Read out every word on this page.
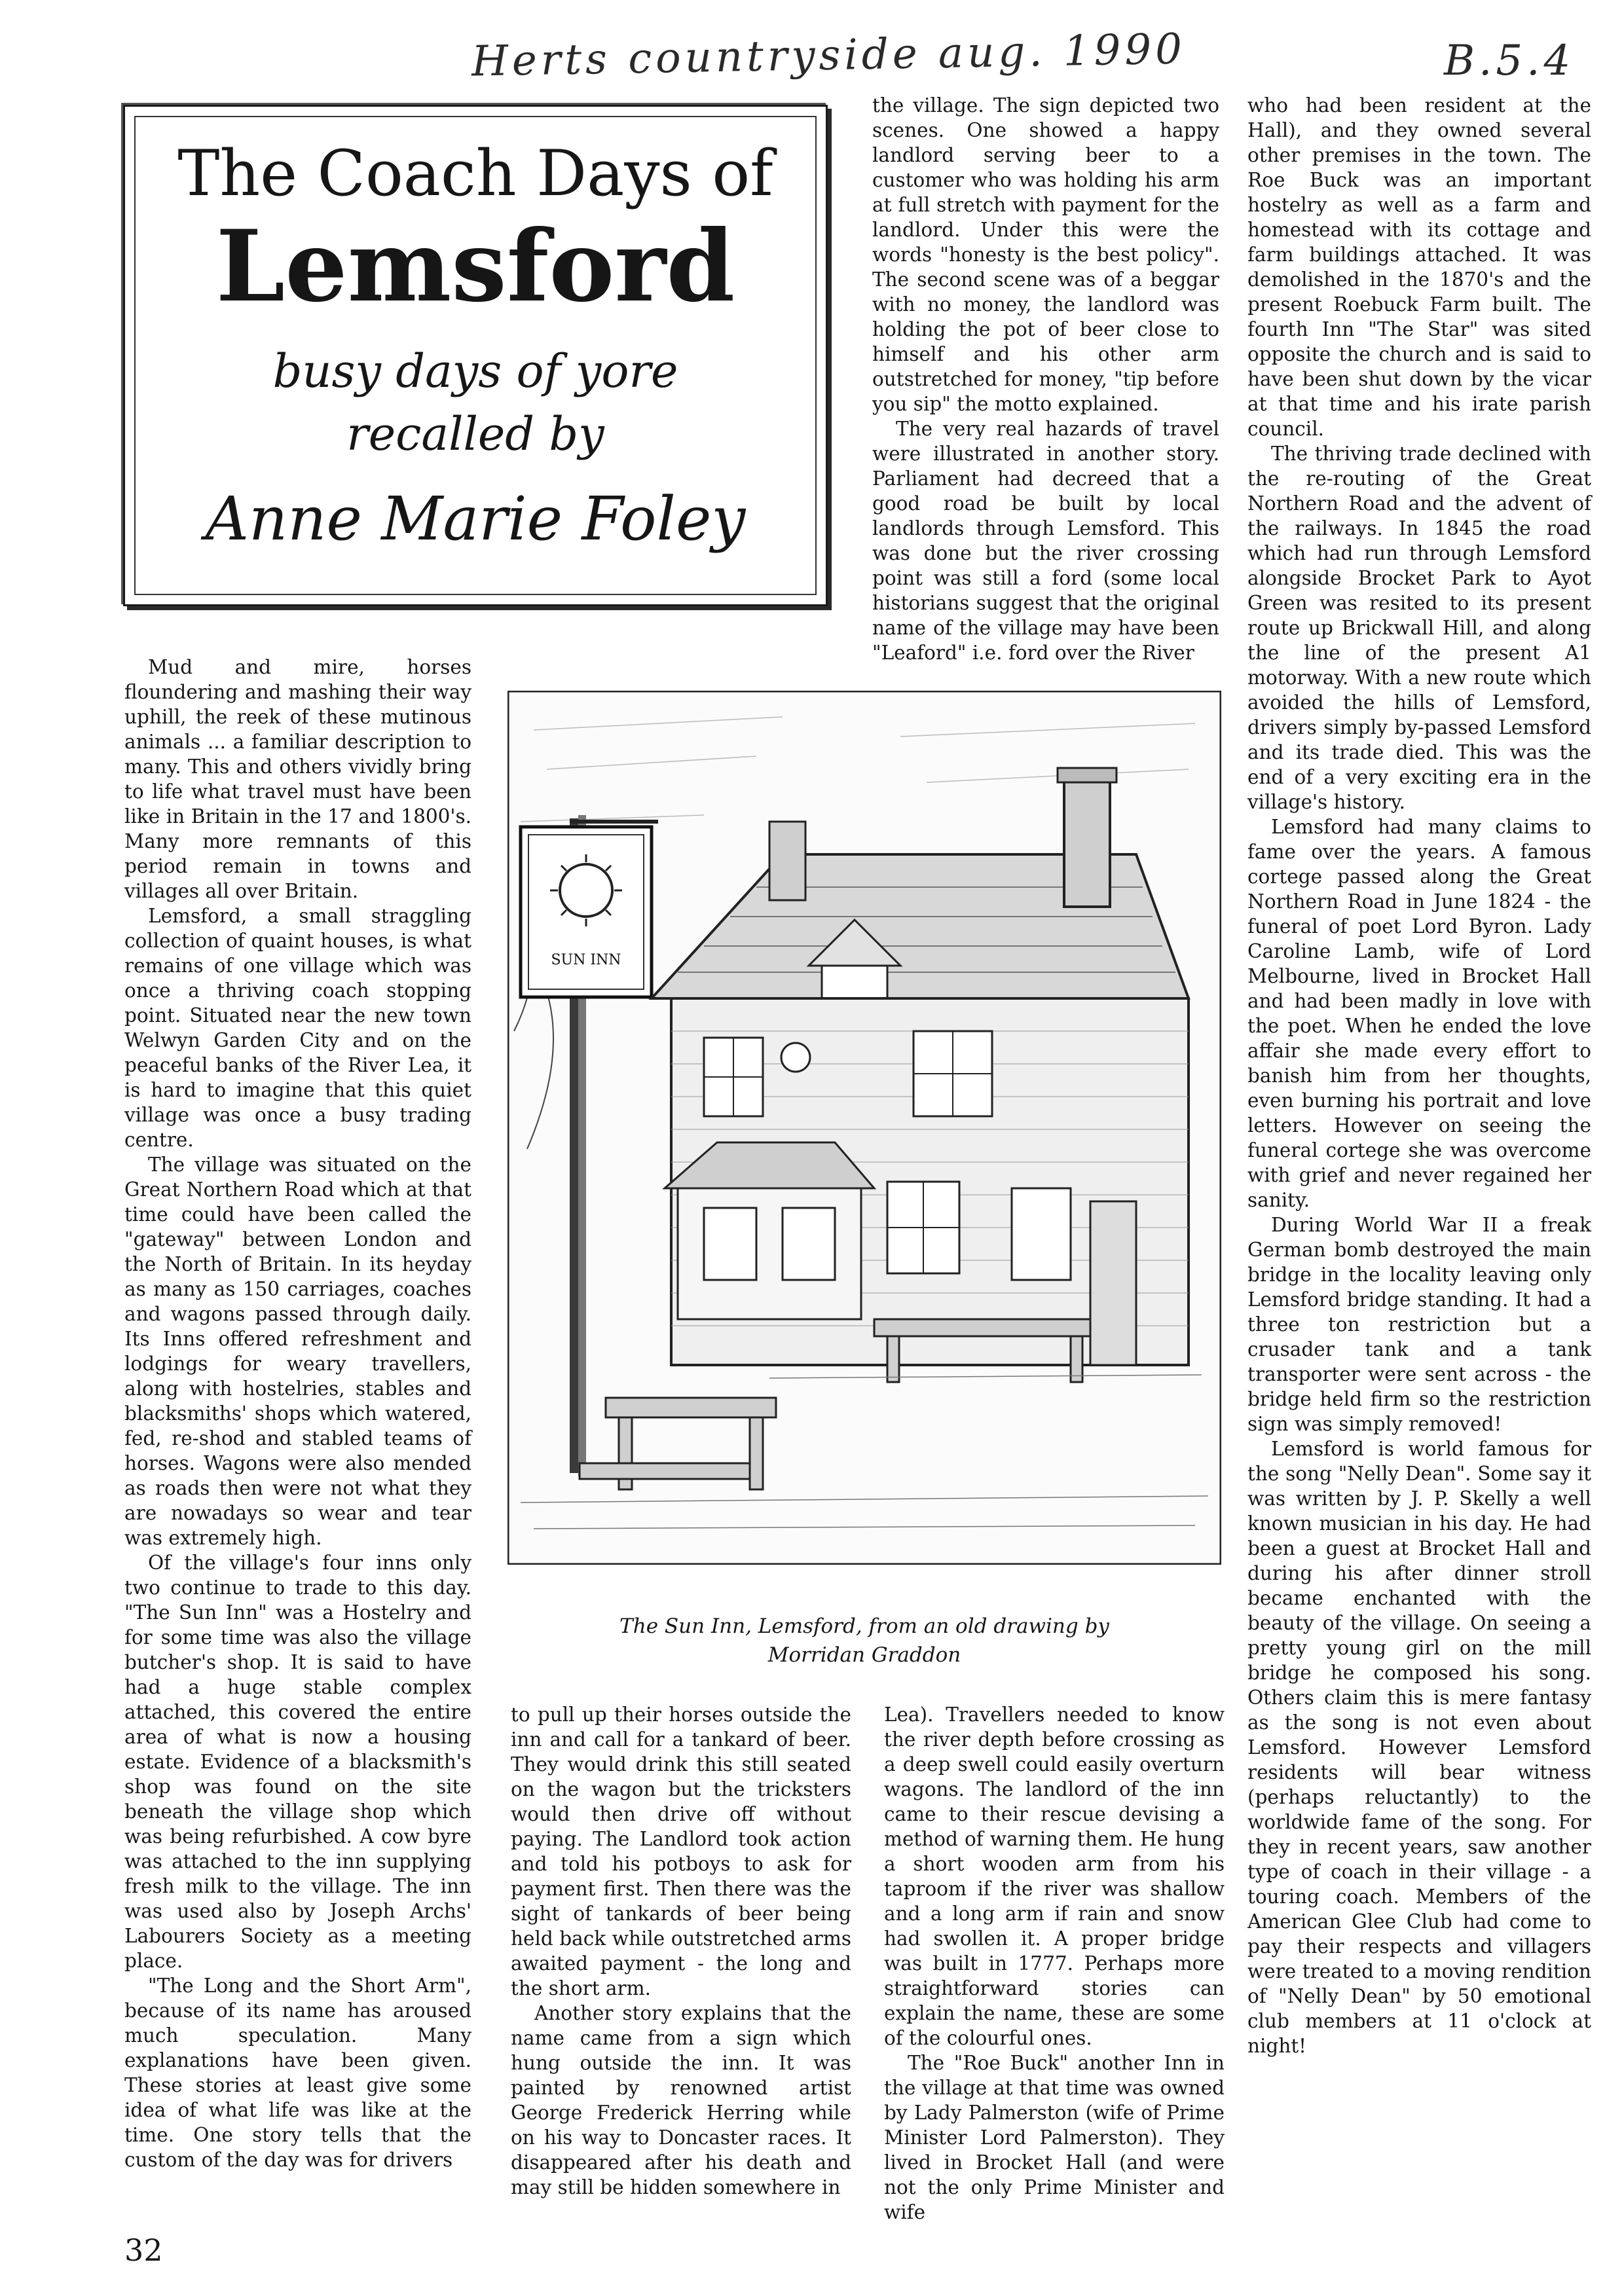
Herts countryside aug. 1990	B.5.4
The Coach Days of
Lemsford
busy days of yore
recalled by
Anne Marie Foley

Mud and mire, horses floundering and mashing their way uphill, the reek of these mutinous animals ... a familiar description to many. This and others vividly bring to life what travel must have been like in Britain in the 17 and 1800's. Many more remnants of this period remain in towns and villages all over Britain.

Lemsford, a small straggling collection of quaint houses, is what remains of one village which was once a thriving coach stopping point. Situated near the new town Welwyn Garden City and on the peaceful banks of the River Lea, it is hard to imagine that this quiet village was once a busy trading centre.

The village was situated on the Great Northern Road which at that time could have been called the "gateway" between London and the North of Britain. In its heyday as many as 150 carriages, coaches and wagons passed through daily. Its Inns offered refreshment and lodgings for weary travellers, along with hostelries, stables and blacksmiths' shops which watered, fed, re-shod and stabled teams of horses. Wagons were also mended as roads then were not what they are nowadays so wear and tear was extremely high.

Of the village's four inns only two continue to trade to this day. "The Sun Inn" was a Hostelry and for some time was also the village butcher's shop. It is said to have had a huge stable complex attached, this covered the entire area of what is now a housing estate. Evidence of a blacksmith's shop was found on the site beneath the village shop which was being refurbished. A cow byre was attached to the inn supplying fresh milk to the village. The inn was used also by Joseph Archs' Labourers Society as a meeting place.

"The Long and the Short Arm", because of its name has aroused much speculation. Many explanations have been given. These stories at least give some idea of what life was like at the time. One story tells that the custom of the day was for drivers

the village. The sign depicted two scenes. One showed a happy landlord serving beer to a customer who was holding his arm at full stretch with payment for the landlord. Under this were the words "honesty is the best policy". The second scene was of a beggar with no money, the landlord was holding the pot of beer close to himself and his other arm outstretched for money, "tip before you sip" the motto explained.

The very real hazards of travel were illustrated in another story. Parliament had decreed that a good road be built by local landlords through Lemsford. This was done but the river crossing point was still a ford (some local historians suggest that the original name of the village may have been "Leaford" i.e. ford over the River

SUN INN
The Sun Inn, Lemsford, from an old drawing by
Morridan Graddon

to pull up their horses outside the inn and call for a tankard of beer. They would drink this still seated on the wagon but the tricksters would then drive off without paying. The Landlord took action and told his potboys to ask for payment first. Then there was the sight of tankards of beer being held back while outstretched arms awaited payment - the long and the short arm.

Another story explains that the name came from a sign which hung outside the inn. It was painted by renowned artist George Frederick Herring while on his way to Doncaster races. It disappeared after his death and may still be hidden somewhere in

Lea). Travellers needed to know the river depth before crossing as a deep swell could easily overturn wagons. The landlord of the inn came to their rescue devising a method of warning them. He hung a short wooden arm from his taproom if the river was shallow and a long arm if rain and snow had swollen it. A proper bridge was built in 1777. Perhaps more straightforward stories can explain the name, these are some of the colourful ones.

The "Roe Buck" another Inn in the village at that time was owned by Lady Palmerston (wife of Prime Minister Lord Palmerston). They lived in Brocket Hall (and were not the only Prime Minister and wife

who had been resident at the Hall), and they owned several other premises in the town. The Roe Buck was an important hostelry as well as a farm and homestead with its cottage and farm buildings attached. It was demolished in the 1870's and the present Roebuck Farm built. The fourth Inn "The Star" was sited opposite the church and is said to have been shut down by the vicar at that time and his irate parish council.

The thriving trade declined with the re-routing of the Great Northern Road and the advent of the railways. In 1845 the road which had run through Lemsford alongside Brocket Park to Ayot Green was resited to its present route up Brickwall Hill, and along the line of the present A1 motorway. With a new route which avoided the hills of Lemsford, drivers simply by-passed Lemsford and its trade died. This was the end of a very exciting era in the village's history.

Lemsford had many claims to fame over the years. A famous cortege passed along the Great Northern Road in June 1824 - the funeral of poet Lord Byron. Lady Caroline Lamb, wife of Lord Melbourne, lived in Brocket Hall and had been madly in love with the poet. When he ended the love affair she made every effort to banish him from her thoughts, even burning his portrait and love letters. However on seeing the funeral cortege she was overcome with grief and never regained her sanity.

During World War II a freak German bomb destroyed the main bridge in the locality leaving only Lemsford bridge standing. It had a three ton restriction but a crusader tank and a tank transporter were sent across - the bridge held firm so the restriction sign was simply removed!

Lemsford is world famous for the song "Nelly Dean". Some say it was written by J. P. Skelly a well known musician in his day. He had been a guest at Brocket Hall and during his after dinner stroll became enchanted with the beauty of the village. On seeing a pretty young girl on the mill bridge he composed his song. Others claim this is mere fantasy as the song is not even about Lemsford. However Lemsford residents will bear witness (perhaps reluctantly) to the worldwide fame of the song. For they in recent years, saw another type of coach in their village - a touring coach. Members of the American Glee Club had come to pay their respects and villagers were treated to a moving rendition of "Nelly Dean" by 50 emotional club members at 11 o'clock at night!

32
